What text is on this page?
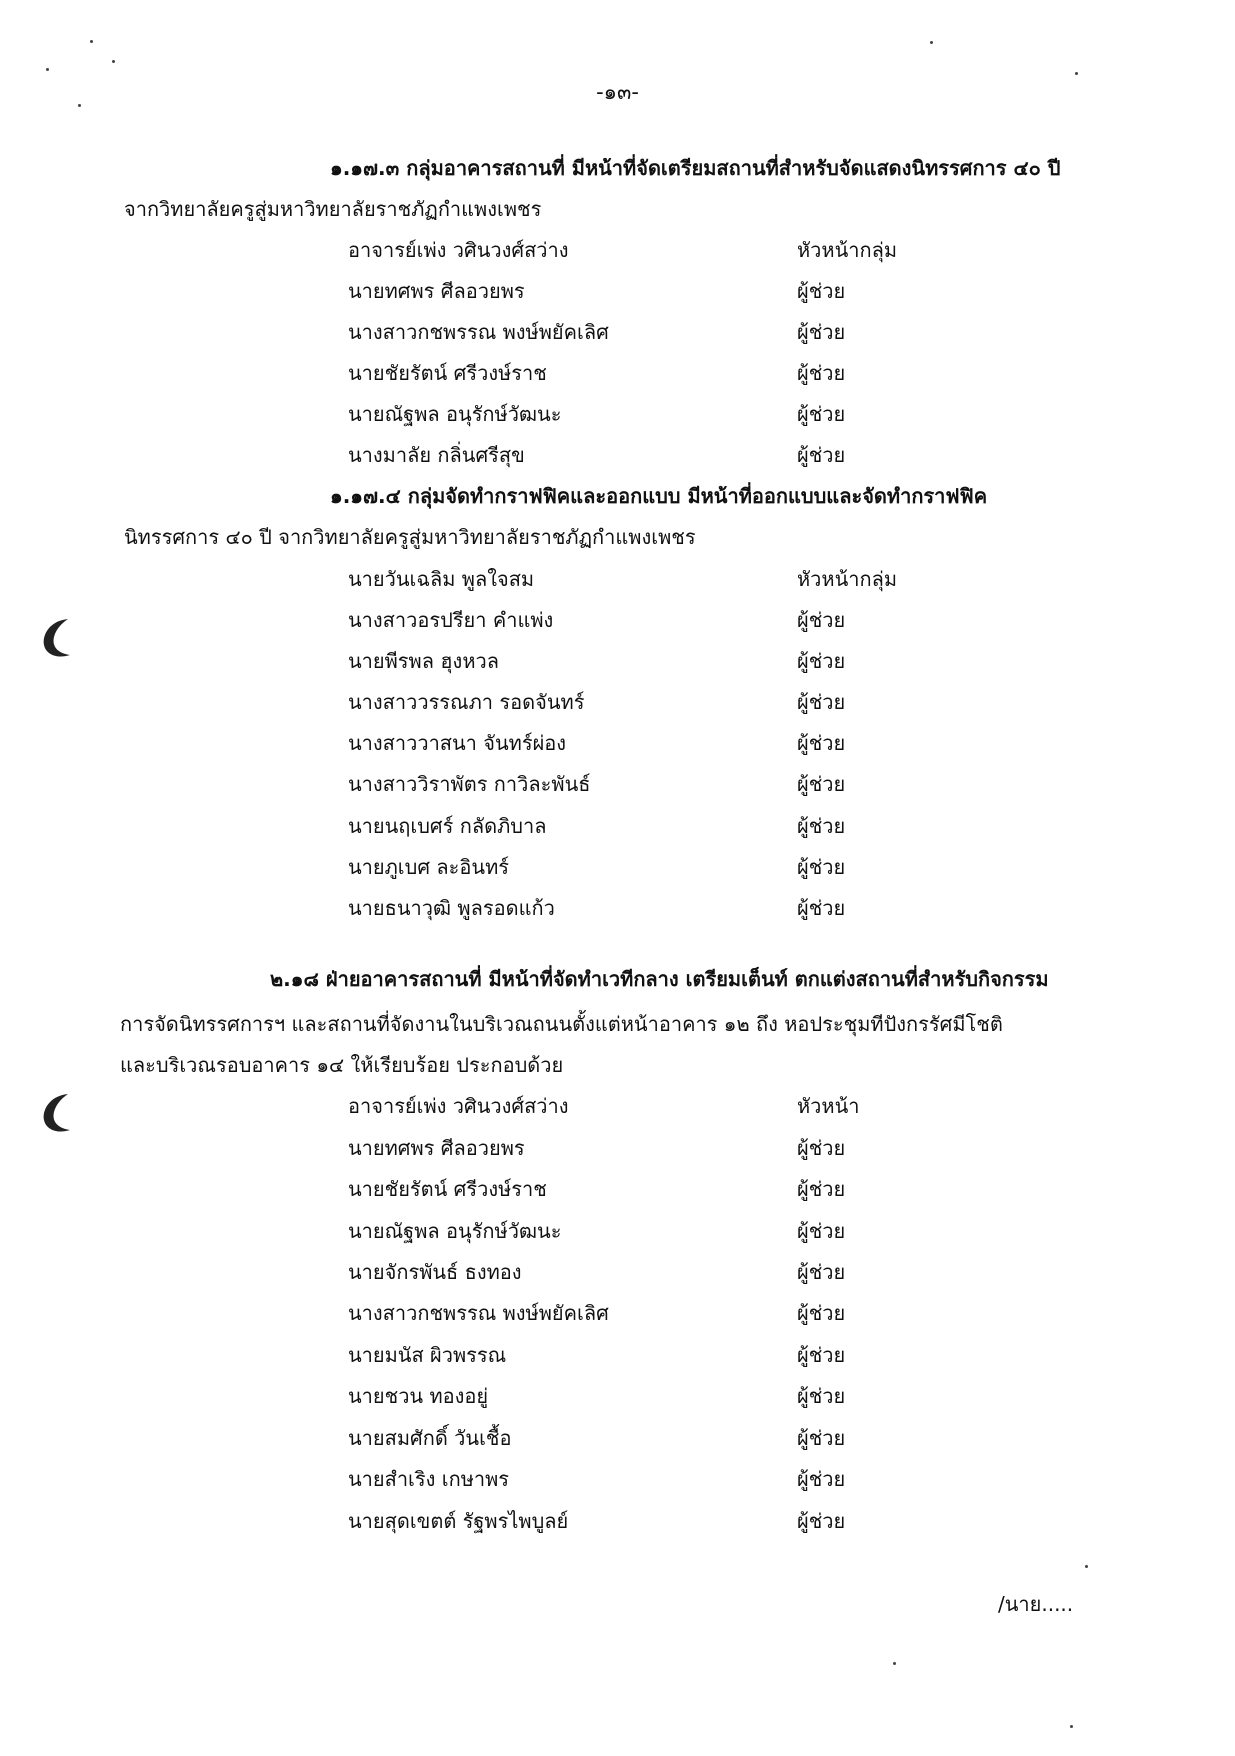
-๑๓-
๑.๑๗.๓ กลุ่มอาคารสถานที่ มีหน้าที่จัดเตรียมสถานที่สำหรับจัดแสดงนิทรรศการ ๔๐ ปี
จากวิทยาลัยครูสู่มหาวิทยาลัยราชภัฏกำแพงเพชร
อาจารย์เพ่ง วศินวงศ์สว่าง	หัวหน้ากลุ่ม
นายทศพร ศีลอวยพร	ผู้ช่วย
นางสาวกชพรรณ พงษ์พยัคเลิศ	ผู้ช่วย
นายชัยรัตน์ ศรีวงษ์ราช	ผู้ช่วย
นายณัฐพล อนุรักษ์วัฒนะ	ผู้ช่วย
นางมาลัย กลิ่นศรีสุข	ผู้ช่วย
๑.๑๗.๔ กลุ่มจัดทำกราฟฟิคและออกแบบ มีหน้าที่ออกแบบและจัดทำกราฟฟิค
นิทรรศการ ๔๐ ปี จากวิทยาลัยครูสู่มหาวิทยาลัยราชภัฏกำแพงเพชร
นายวันเฉลิม พูลใจสม	หัวหน้ากลุ่ม
นางสาวอรปรียา คำแพ่ง	ผู้ช่วย
นายพีรพล ฮุงหวล	ผู้ช่วย
นางสาววรรณภา รอดจันทร์	ผู้ช่วย
นางสาววาสนา จันทร์ผ่อง	ผู้ช่วย
นางสาววิราพัตร กาวิละพันธ์	ผู้ช่วย
นายนฤเบศร์ กลัดภิบาล	ผู้ช่วย
นายภูเบศ ละอินทร์	ผู้ช่วย
นายธนาวุฒิ พูลรอดแก้ว	ผู้ช่วย
๒.๑๘ ฝ่ายอาคารสถานที่ มีหน้าที่จัดทำเวทีกลาง เตรียมเต็นท์ ตกแต่งสถานที่สำหรับกิจกรรม
การจัดนิทรรศการฯ และสถานที่จัดงานในบริเวณถนนตั้งแต่หน้าอาคาร ๑๒ ถึง หอประชุมทีปังกรรัศมีโชติ
และบริเวณรอบอาคาร ๑๔ ให้เรียบร้อย ประกอบด้วย
อาจารย์เพ่ง วศินวงศ์สว่าง	หัวหน้า
นายทศพร ศีลอวยพร	ผู้ช่วย
นายชัยรัตน์ ศรีวงษ์ราช	ผู้ช่วย
นายณัฐพล อนุรักษ์วัฒนะ	ผู้ช่วย
นายจักรพันธ์ ธงทอง	ผู้ช่วย
นางสาวกชพรรณ พงษ์พยัคเลิศ	ผู้ช่วย
นายมนัส ผิวพรรณ	ผู้ช่วย
นายชวน ทองอยู่	ผู้ช่วย
นายสมศักดิ์ วันเชื้อ	ผู้ช่วย
นายสำเริง เกษาพร	ผู้ช่วย
นายสุดเขตต์ รัฐพรไพบูลย์	ผู้ช่วย
/นาย.....
